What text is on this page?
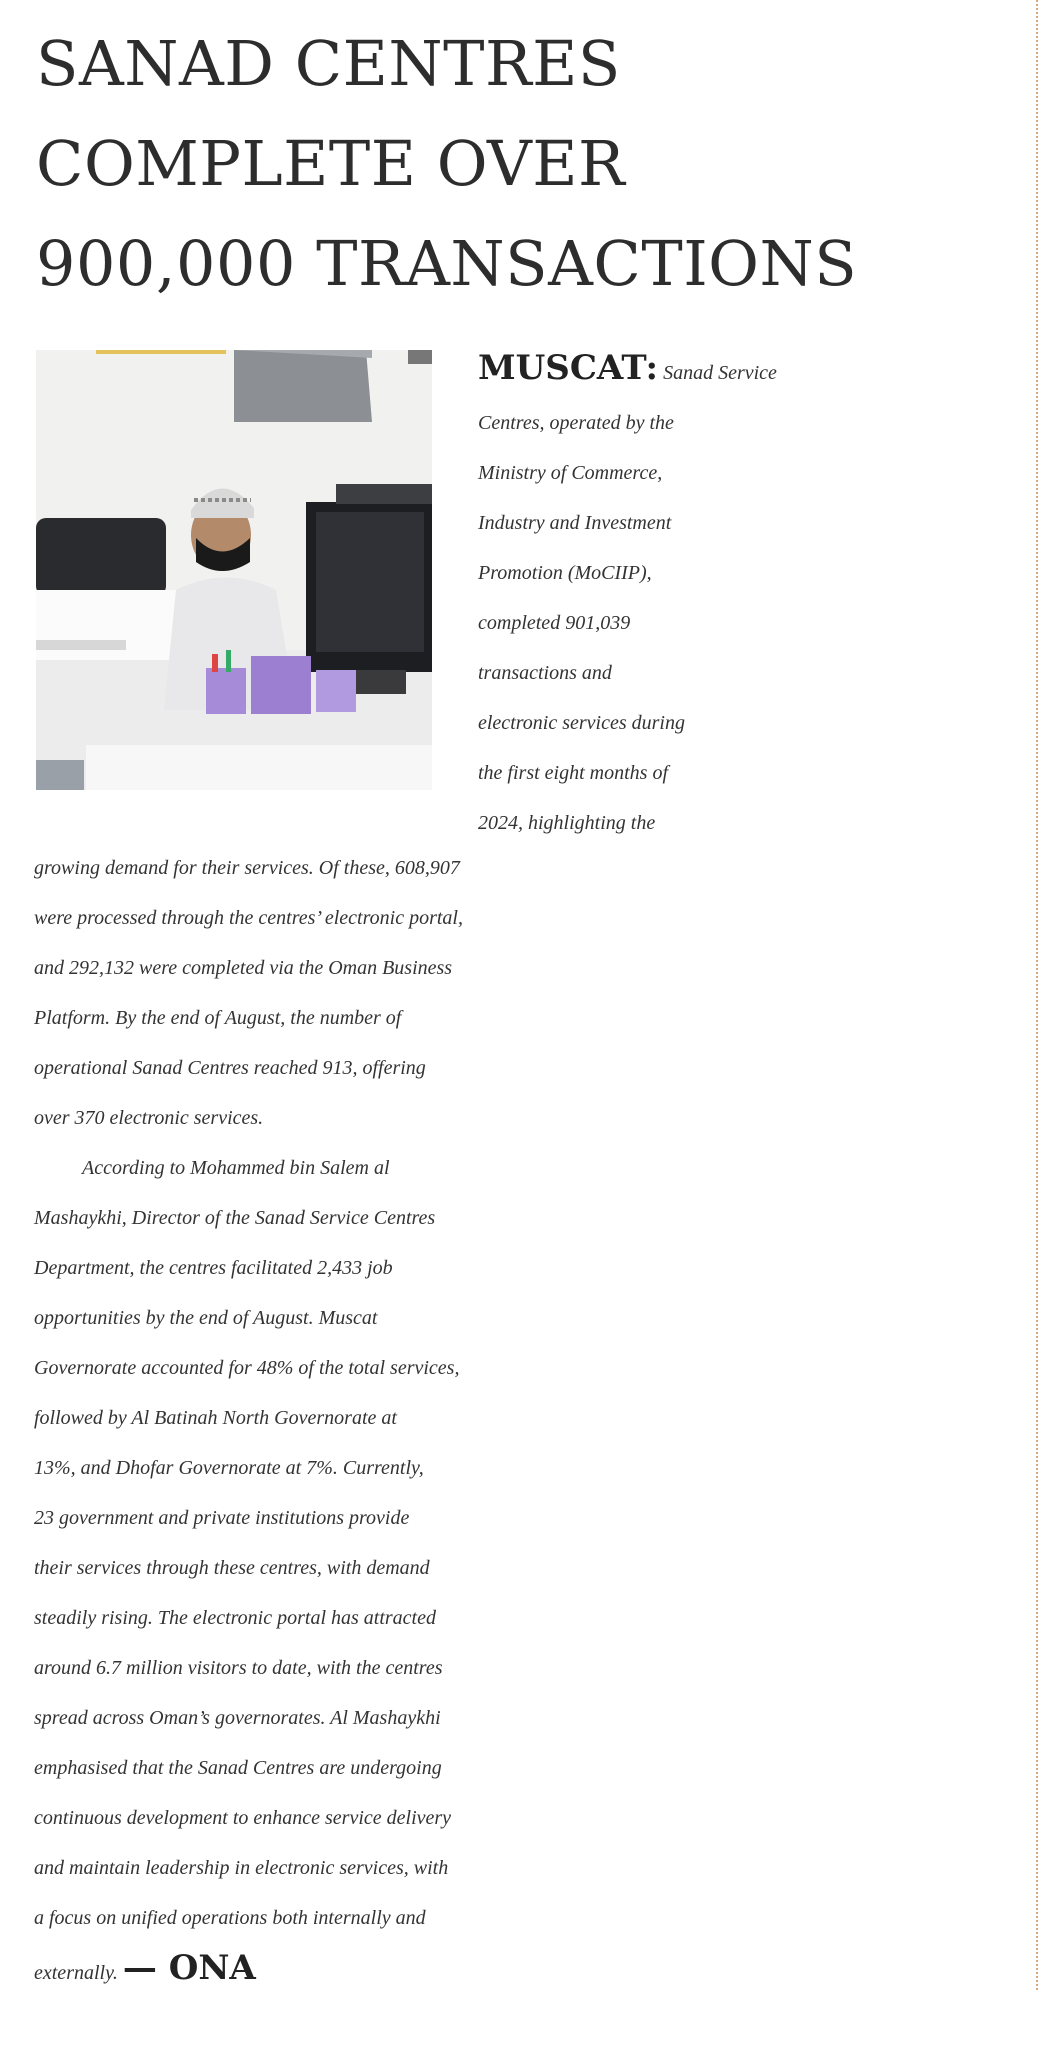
SANAD CENTRES
COMPLETE OVER
900,000 TRANSACTIONS

MUSCAT: Sanad Service
Centres, operated by the
Ministry of Commerce,
Industry and Investment
Promotion (MoCIIP),
completed 901,039
transactions and
electronic services during
the first eight months of
2024, highlighting the

growing demand for their services. Of these, 608,907
were processed through the centres’ electronic portal,
and 292,132 were completed via the Oman Business
Platform. By the end of August, the number of
operational Sanad Centres reached 913, offering
over 370 electronic services.
According to Mohammed bin Salem al
Mashaykhi, Director of the Sanad Service Centres
Department, the centres facilitated 2,433 job
opportunities by the end of August. Muscat
Governorate accounted for 48% of the total services,
followed by Al Batinah North Governorate at
13%, and Dhofar Governorate at 7%. Currently,
23 government and private institutions provide
their services through these centres, with demand
steadily rising. The electronic portal has attracted
around 6.7 million visitors to date, with the centres
spread across Oman’s governorates. Al Mashaykhi
emphasised that the Sanad Centres are undergoing
continuous development to enhance service delivery
and maintain leadership in electronic services, with
a focus on unified operations both internally and
externally. — ONA
